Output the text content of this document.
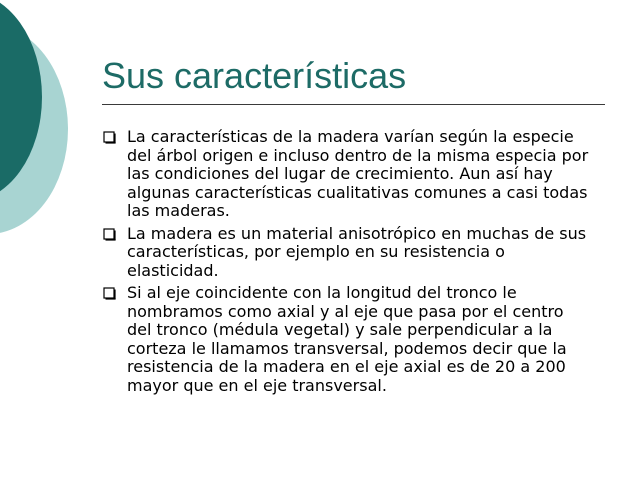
Sus características
La características de la madera varían según la especie del árbol origen e incluso dentro de la misma especia por las condiciones del lugar de crecimiento. Aun así hay algunas características cualitativas comunes a casi todas las maderas.
La madera es un material anisotrópico en muchas de sus características, por ejemplo en su resistencia o elasticidad.
Si al eje coincidente con la longitud del tronco le nombramos como axial y al eje que pasa por el centro del tronco (médula vegetal) y sale perpendicular a la corteza le llamamos transversal, podemos decir que la resistencia de la madera en el eje axial es de 20 a 200 mayor que en el eje transversal.
